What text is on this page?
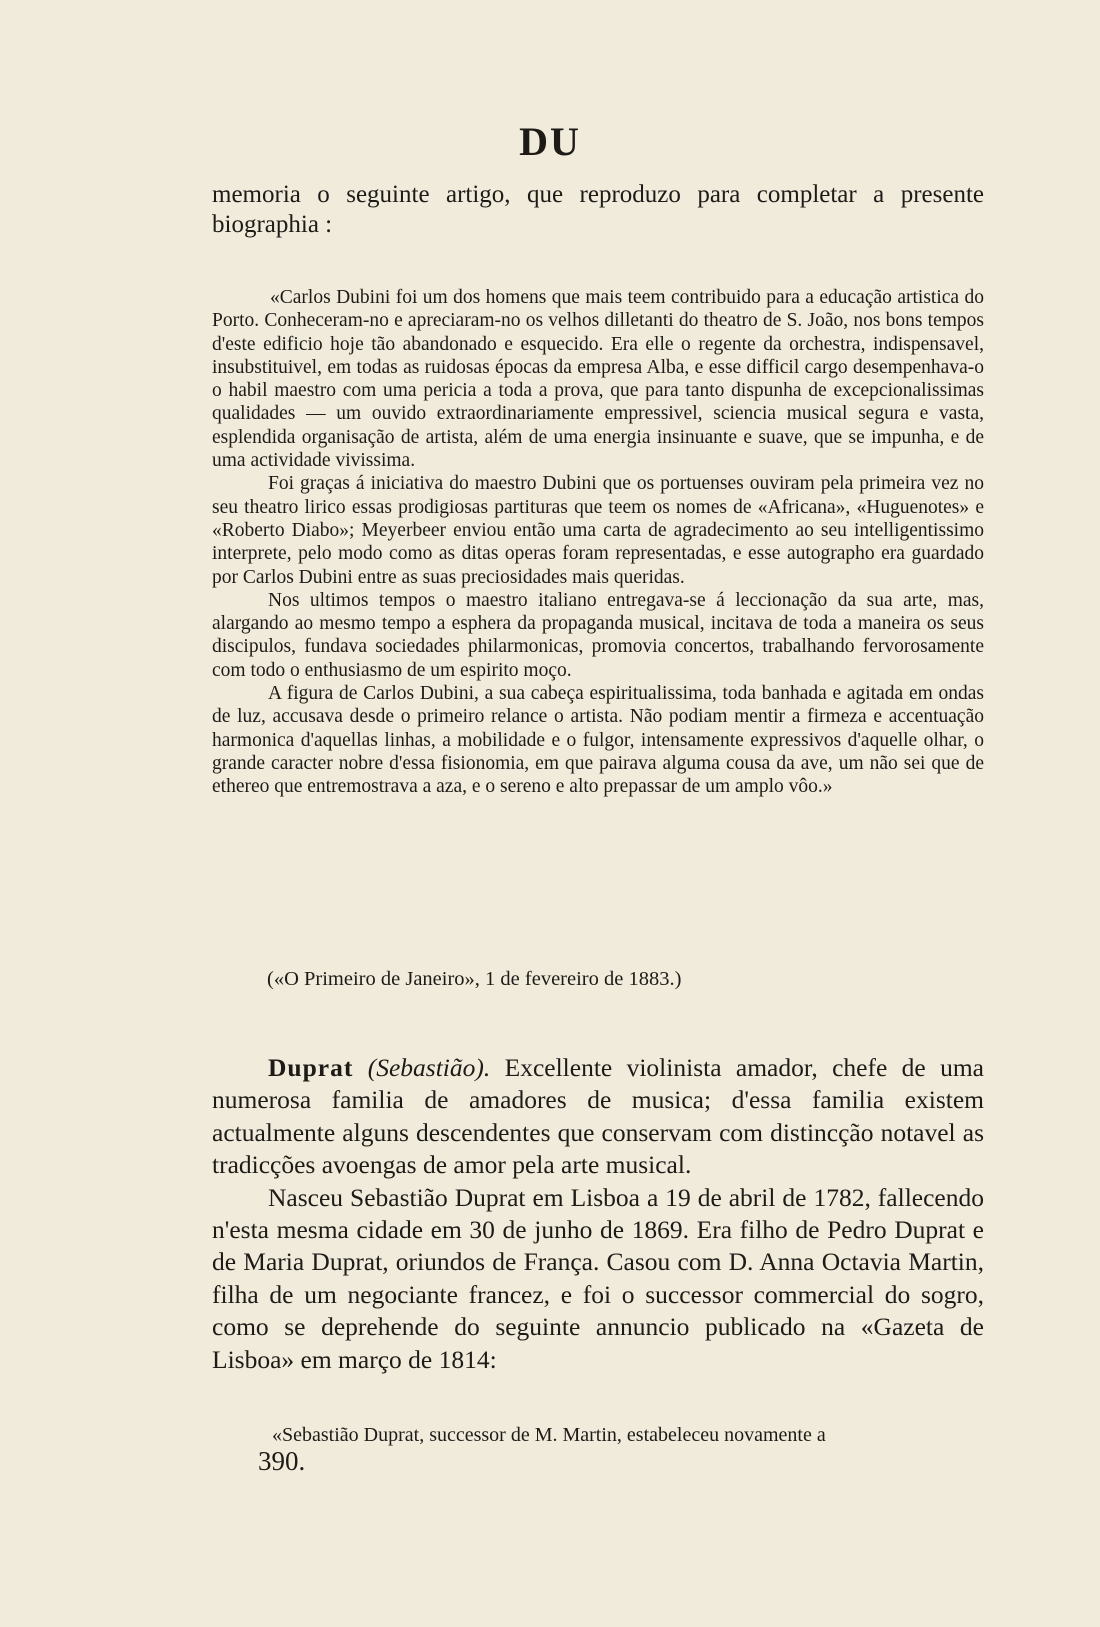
DU

memoria o seguinte artigo, que reproduzo para completar a presente biographia :

«Carlos Dubini foi um dos homens que mais teem contribuido para a educação artistica do Porto. Conheceram-no e apreciaram-no os velhos dilletanti do theatro de S. João, nos bons tempos d'este edificio hoje tão abandonado e esquecido. Era elle o regente da orchestra, indispensavel, insubstituivel, em todas as ruidosas épocas da empresa Alba, e esse difficil cargo desempenhava-o o habil maestro com uma pericia a toda a prova, que para tanto dispunha de excepcionalissimas qualidades — um ouvido extraordinariamente empressivel, sciencia musical segura e vasta, esplendida organisação de artista, além de uma energia insinuante e suave, que se impunha, e de uma actividade vivissima.

Foi graças á iniciativa do maestro Dubini que os portuenses ouviram pela primeira vez no seu theatro lirico essas prodigiosas partituras que teem os nomes de «Africana», «Huguenotes» e «Roberto Diabo»; Meyerbeer enviou então uma carta de agradecimento ao seu intelligentissimo interprete, pelo modo como as ditas operas foram representadas, e esse autographo era guardado por Carlos Dubini entre as suas preciosidades mais queridas.

Nos ultimos tempos o maestro italiano entregava-se á leccionação da sua arte, mas, alargando ao mesmo tempo a esphera da propaganda musical, incitava de toda a maneira os seus discipulos, fundava sociedades philarmonicas, promovia concertos, trabalhando fervorosamente com todo o enthusiasmo de um espirito moço.

A figura de Carlos Dubini, a sua cabeça espiritualissima, toda banhada e agitada em ondas de luz, accusava desde o primeiro relance o artista. Não podiam mentir a firmeza e accentuação harmonica d'aquellas linhas, a mobilidade e o fulgor, intensamente expressivos d'aquelle olhar, o grande caracter nobre d'essa fisionomia, em que pairava alguma cousa da ave, um não sei que de ethereo que entremostrava a aza, e o sereno e alto prepassar de um amplo vôo.»

(«O Primeiro de Janeiro», 1 de fevereiro de 1883.)

Duprat (Sebastião). Excellente violinista amador, chefe de uma numerosa familia de amadores de musica; d'essa familia existem actualmente alguns descendentes que conservam com distincção notavel as tradicções avoengas de amor pela arte musical.

Nasceu Sebastião Duprat em Lisboa a 19 de abril de 1782, fallecendo n'esta mesma cidade em 30 de junho de 1869. Era filho de Pedro Duprat e de Maria Duprat, oriundos de França. Casou com D. Anna Octavia Martin, filha de um negociante francez, e foi o successor commercial do sogro, como se deprehende do seguinte annuncio publicado na «Gazeta de Lisboa» em março de 1814:

«Sebastião Duprat, successor de M. Martin, estabeleceu novamente a
390.
